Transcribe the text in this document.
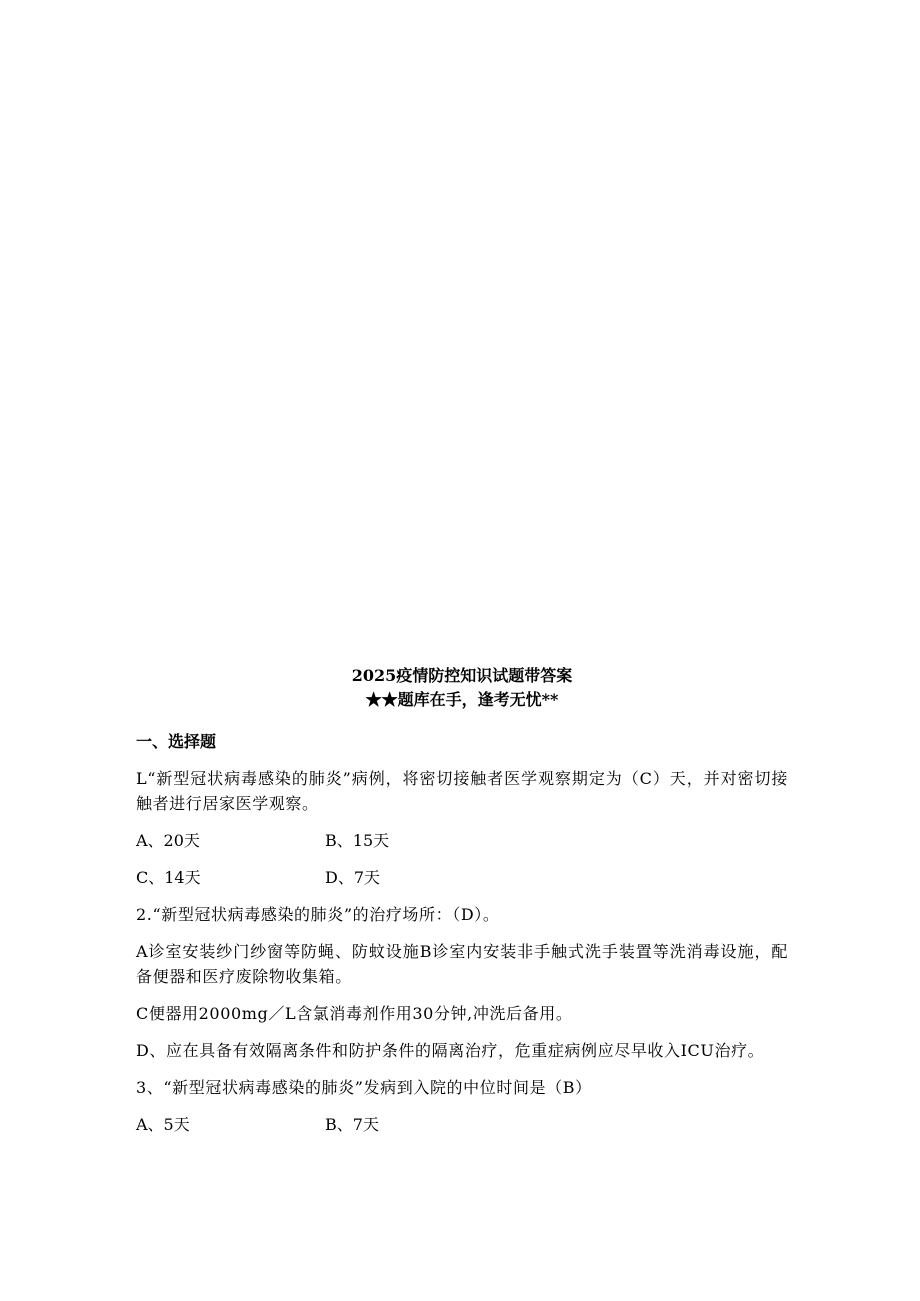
2025疫情防控知识试题带答案

★★题库在手，逢考无忧**

一、选择题

L“新型冠状病毒感染的肺炎”病例，将密切接触者医学观察期定为（C）天，并对密切接触者进行居家医学观察。

A、20天	B、15天
C、14天	D、7天

2.“新型冠状病毒感染的肺炎”的治疗场所：（D）。

A诊室安装纱门纱窗等防蝇、防蚊设施B诊室内安装非手触式洗手装置等洗消毒设施，配备便器和医疗废除物收集箱。

C便器用2000mg／L含氯消毒剂作用30分钟,冲洗后备用。

D、应在具备有效隔离条件和防护条件的隔离治疗，危重症病例应尽早收入ICU治疗。

3、“新型冠状病毒感染的肺炎”发病到入院的中位时间是（B）

A、5天	B、7天
